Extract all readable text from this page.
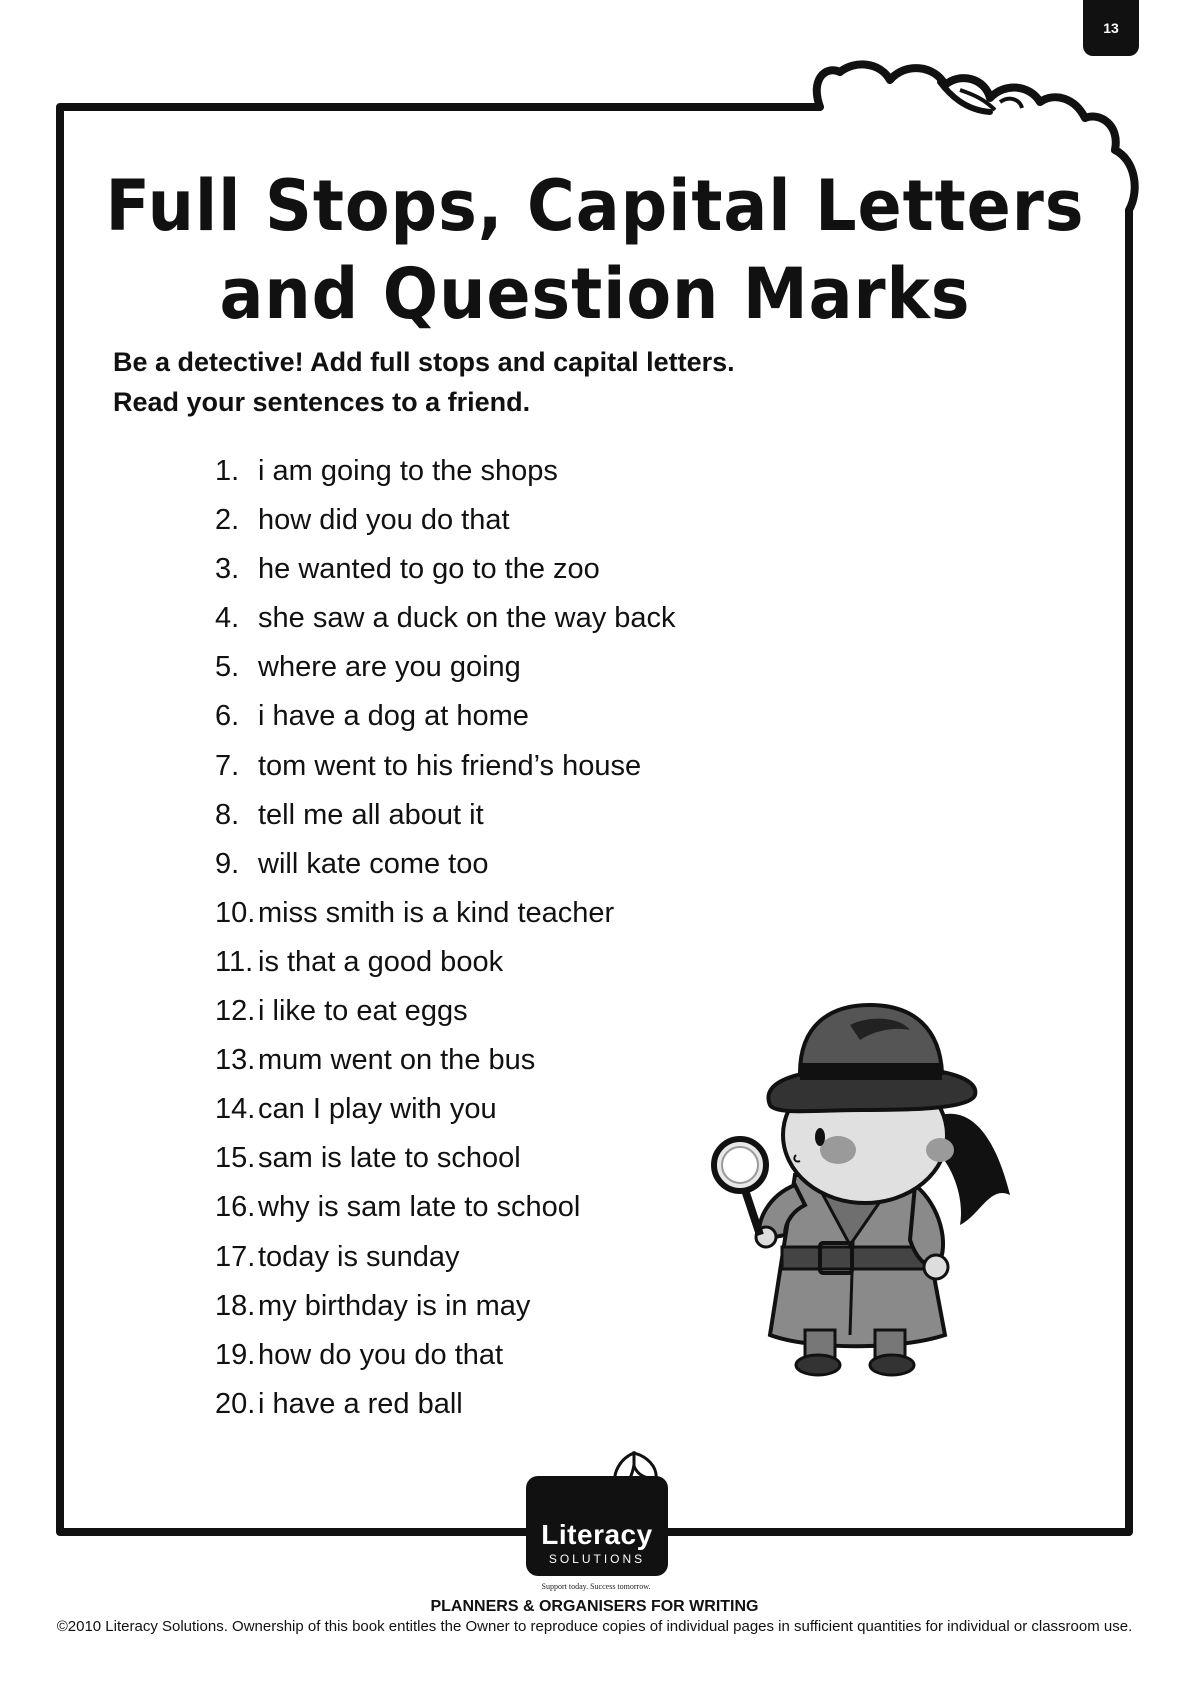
13
Full Stops, Capital Letters
and Question Marks
Be a detective! Add full stops and capital letters.
Read your sentences to a friend.
1. i am going to the shops
2. how did you do that
3. he wanted to go to the zoo
4. she saw a duck on the way back
5. where are you going
6. i have a dog at home
7. tom went to his friend’s house
8. tell me all about it
9. will kate come too
10. miss smith is a kind teacher
11. is that a good book
12. i like to eat eggs
13. mum went on the bus
14. can I play with you
15. sam is late to school
16. why is sam late to school
17. today is sunday
18. my birthday is in may
19. how do you do that
20. i have a red ball
Literacy
SOLUTIONS
Support today. Success tomorrow.
PLANNERS & ORGANISERS FOR WRITING
©2010 Literacy Solutions. Ownership of this book entitles the Owner to reproduce copies of individual pages in sufficient quantities for individual or classroom use.
